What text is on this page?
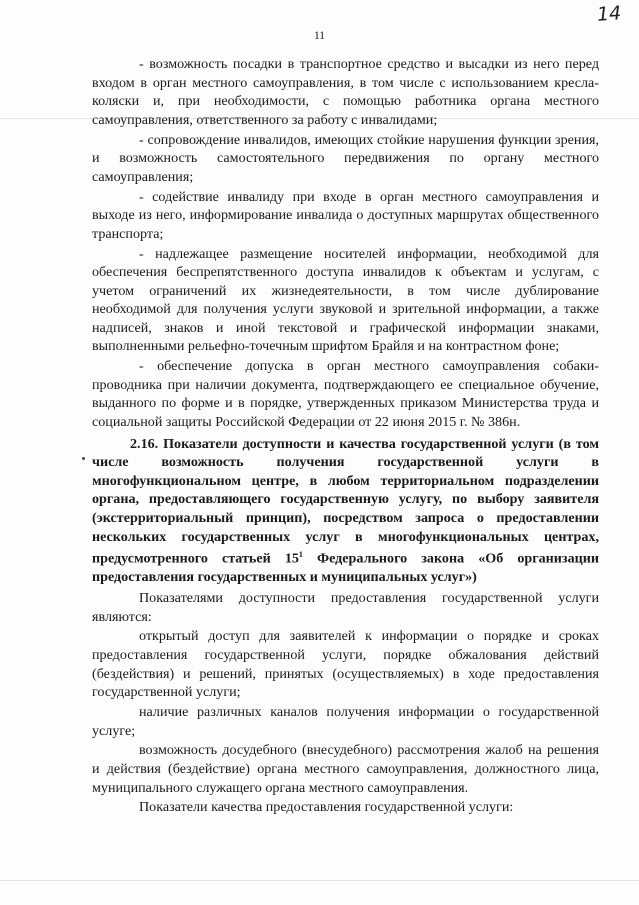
11
14

- возможность посадки в транспортное средство и высадки из него перед входом в орган местного самоуправления, в том числе с использованием кресла-коляски и, при необходимости, с помощью работника органа местного самоуправления, ответственного за работу с инвалидами;

- сопровождение инвалидов, имеющих стойкие нарушения функции зрения, и возможность самостоятельного передвижения по органу местного самоуправления;

- содействие инвалиду при входе в орган местного самоуправления и выходе из него, информирование инвалида о доступных маршрутах общественного транспорта;

- надлежащее размещение носителей информации, необходимой для обеспечения беспрепятственного доступа инвалидов к объектам и услугам, с учетом ограничений их жизнедеятельности, в том числе дублирование необходимой для получения услуги звуковой и зрительной информации, а также надписей, знаков и иной текстовой и графической информации знаками, выполненными рельефно-точечным шрифтом Брайля и на контрастном фоне;

- обеспечение допуска в орган местного самоуправления собаки-проводника при наличии документа, подтверждающего ее специальное обучение, выданного по форме и в порядке, утвержденных приказом Министерства труда и социальной защиты Российской Федерации от 22 июня 2015 г. № 386н.

2.16. Показатели доступности и качества государственной услуги (в том числе возможность получения государственной услуги в многофункциональном центре, в любом территориальном подразделении органа, предоставляющего государственную услугу, по выбору заявителя (экстерриториальный принцип), посредством запроса о предоставлении нескольких государственных услуг в многофункциональных центрах, предусмотренного статьей $15^1$ Федерального закона «Об организации предоставления государственных и муниципальных услуг»)

Показателями доступности предоставления государственной услуги являются:

открытый доступ для заявителей к информации о порядке и сроках предоставления государственной услуги, порядке обжалования действий (бездействия) и решений, принятых (осуществляемых) в ходе предоставления государственной услуги;

наличие различных каналов получения информации о государственной услуге;

возможность досудебного (внесудебного) рассмотрения жалоб на решения и действия (бездействие) органа местного самоуправления, должностного лица, муниципального служащего органа местного самоуправления.

Показатели качества предоставления государственной услуги:
